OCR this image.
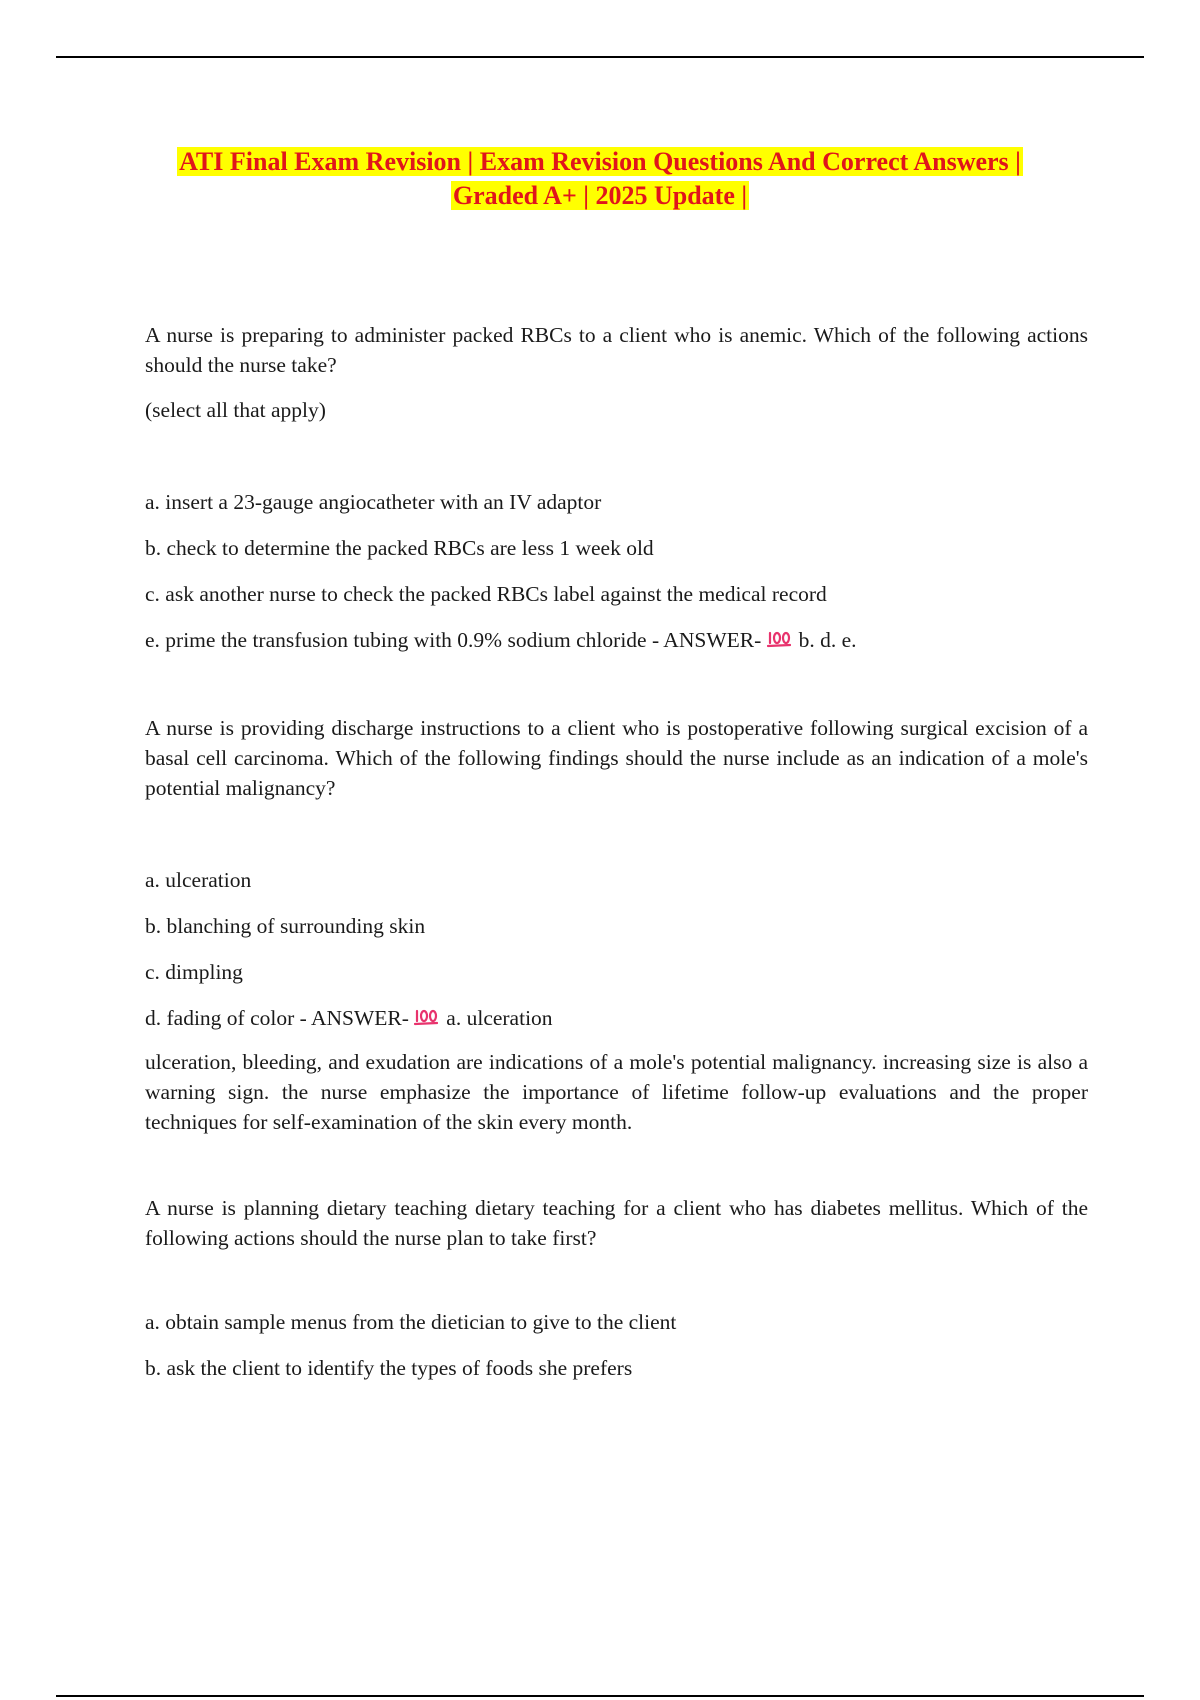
ATI Final Exam Revision | Exam Revision Questions And Correct Answers |
Graded A+ | 2025 Update |

A nurse is preparing to administer packed RBCs to a client who is anemic. Which of the following actions should the nurse take?

(select all that apply)

a. insert a 23-gauge angiocatheter with an IV adaptor

b. check to determine the packed RBCs are less 1 week old

c. ask another nurse to check the packed RBCs label against the medical record

e. prime the transfusion tubing with 0.9% sodium chloride - ANSWER- b. d. e.

A nurse is providing discharge instructions to a client who is postoperative following surgical excision of a basal cell carcinoma. Which of the following findings should the nurse include as an indication of a mole's potential malignancy?

a. ulceration

b. blanching of surrounding skin

c. dimpling

d. fading of color - ANSWER- a. ulceration

ulceration, bleeding, and exudation are indications of a mole's potential malignancy. increasing size is also a warning sign. the nurse emphasize the importance of lifetime follow-up evaluations and the proper techniques for self-examination of the skin every month.

A nurse is planning dietary teaching dietary teaching for a client who has diabetes mellitus. Which of the following actions should the nurse plan to take first?

a. obtain sample menus from the dietician to give to the client

b. ask the client to identify the types of foods she prefers
